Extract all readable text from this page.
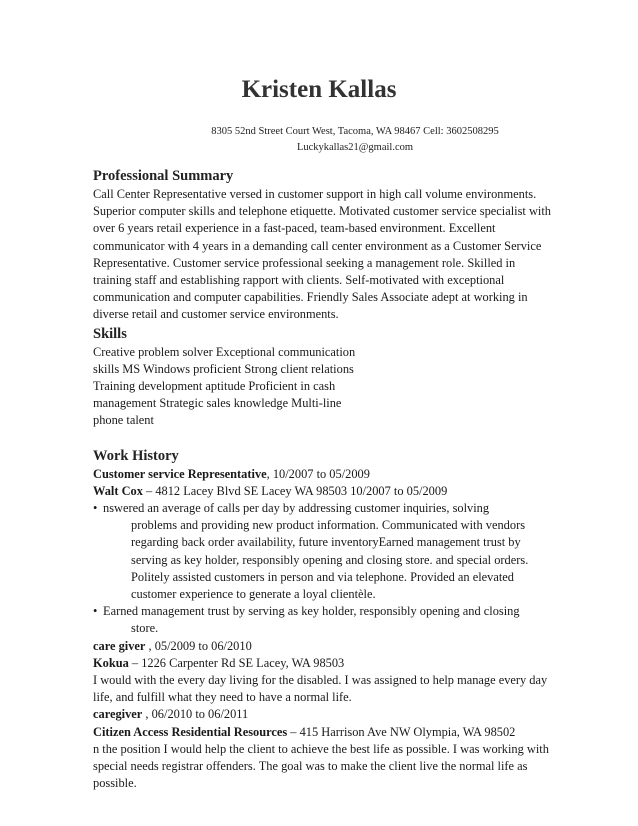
Kristen Kallas
8305 52nd Street Court West, Tacoma, WA 98467 Cell: 3602508295
Luckykallas21@gmail.com
Professional Summary

Call Center Representative versed in customer support in high call volume environments. Superior computer skills and telephone etiquette. Motivated customer service specialist with over 6 years retail experience in a fast-paced, team-based environment. Excellent communicator with 4 years in a demanding call center environment as a Customer Service Representative. Customer service professional seeking a management role. Skilled in training staff and establishing rapport with clients. Self-motivated with exceptional communication and computer capabilities. Friendly Sales Associate adept at working in diverse retail and customer service environments.

Skills
Creative problem solver Exceptional communication
skills MS Windows proficient Strong client relations
Training development aptitude Proficient in cash
management Strategic sales knowledge Multi-line
phone talent
Work History
Customer service Representative, 10/2007 to 05/2009
Walt Cox – 4812 Lacey Blvd SE Lacey WA 98503 10/2007 to 05/2009
• nswered an average of calls per day by addressing customer inquiries, solving
problems and providing new product information. Communicated with vendors regarding back order availability, future inventoryEarned management trust by serving as key holder, responsibly opening and closing store. and special orders. Politely assisted customers in person and via telephone. Provided an elevated customer experience to generate a loyal clientèle.
• Earned management trust by serving as key holder, responsibly opening and closing
store.
care giver , 05/2009 to 06/2010
Kokua – 1226 Carpenter Rd SE Lacey, WA 98503

I would with the every day living for the disabled. I was assigned to help manage every day life, and fulfill what they need to have a normal life.

caregiver , 06/2010 to 06/2011
Citizen Access Residential Resources – 415 Harrison Ave NW Olympia, WA 98502

n the position I would help the client to achieve the best life as possible. I was working with special needs registrar offenders. The goal was to make the client live the normal life as possible.
